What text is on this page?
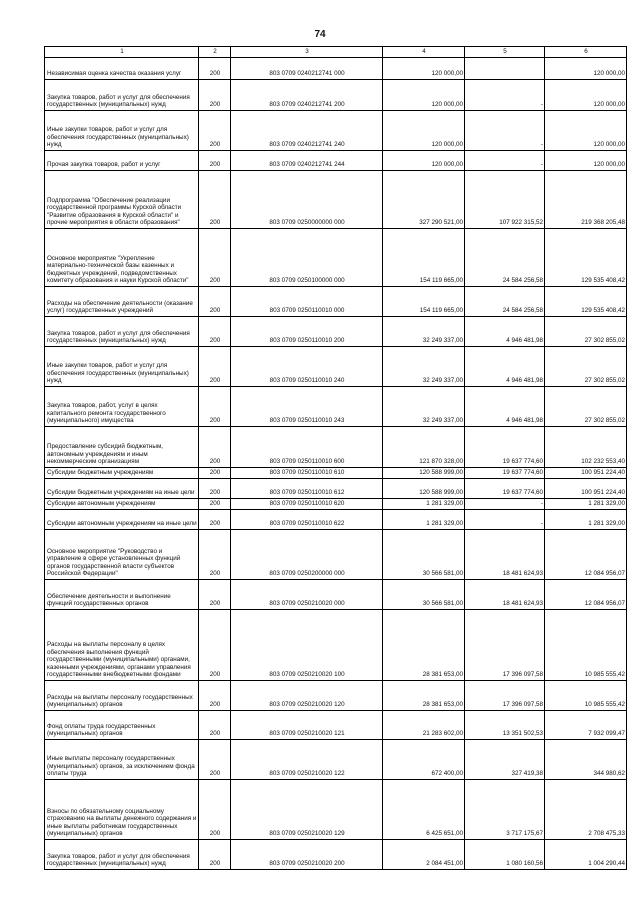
74
1	2	3	4	5	6
Независимая оценка качества оказания услуг	200	803 0709 0240212741 000	120 000,00		120 000,00
Закупка товаров, работ и услуг для обеспечения государственных (муниципальных) нужд	200	803 0709 0240212741 200	120 000,00	-	120 000,00
Иные закупки товаров, работ и услуг для обеспечения государственных (муниципальных) нужд	200	803 0709 0240212741 240	120 000,00	-	120 000,00
Прочая закупка товаров, работ и услуг	200	803 0709 0240212741 244	120 000,00	-	120 000,00
Подпрограмма "Обеспечение реализации государственной программы Курской области "Развитие образования в Курской области" и прочие мероприятия в области образования"	200	803 0709 0250000000 000	327 290 521,00	107 922 315,52	219 368 205,48
Основное мероприятие "Укрепление материально-технической базы казенных и бюджетных учреждений, подведомственных комитету образования и науки Курской области"	200	803 0709 0250100000 000	154 119 665,00	24 584 256,58	129 535 408,42
Расходы на обеспечение деятельности (оказание услуг) государственных учреждений	200	803 0709 0250110010 000	154 119 665,00	24 584 256,58	129 535 408,42
Закупка товаров, работ и услуг для обеспечения государственных (муниципальных) нужд	200	803 0709 0250110010 200	32 249 337,00	4 946 481,98	27 302 855,02
Иные закупки товаров, работ и услуг для обеспечения государственных (муниципальных) нужд	200	803 0709 0250110010 240	32 249 337,00	4 946 481,98	27 302 855,02
Закупка товаров, работ, услуг в целях капитального ремонта государственного (муниципального) имущества	200	803 0709 0250110010 243	32 249 337,00	4 946 481,98	27 302 855,02
Предоставление субсидий бюджетным, автономным учреждениям и иным некоммерческим организациям	200	803 0709 0250110010 600	121 870 328,00	19 637 774,60	102 232 553,40
Субсидии бюджетным учреждениям	200	803 0709 0250110010 610	120 588 999,00	19 637 774,60	100 951 224,40
Субсидии бюджетным учреждениям на иные цели	200	803 0709 0250110010 612	120 588 999,00	19 637 774,60	100 951 224,40
Субсидии автономным учреждениям	200	803 0709 0250110010 620	1 281 329,00	-	1 281 329,00
Субсидии автономным учреждениям на иные цели	200	803 0709 0250110010 622	1 281 329,00	-	1 281 329,00
Основное мероприятие "Руководство и управление в сфере установленных функций органов государственной власти субъектов Российской Федерации"	200	803 0709 0250200000 000	30 566 581,00	18 481 624,93	12 084 956,07
Обеспечение деятельности и выполнение функций государственных органов	200	803 0709 0250210020 000	30 566 581,00	18 481 624,93	12 084 956,07
Расходы на выплаты персоналу в целях обеспечения выполнения функций государственными (муниципальными) органами, казенными учреждениями, органами управления государственными внебюджетными фондами	200	803 0709 0250210020 100	28 381 653,00	17 396 097,58	10 985 555,42
Расходы на выплаты персоналу государственных (муниципальных) органов	200	803 0709 0250210020 120	28 381 653,00	17 396 097,58	10 985 555,42
Фонд оплаты труда государственных (муниципальных) органов	200	803 0709 0250210020 121	21 283 602,00	13 351 502,53	7 932 099,47
Иные выплаты персоналу государственных (муниципальных) органов, за исключением фонда оплаты труда	200	803 0709 0250210020 122	672 400,00	327 419,38	344 980,62
Взносы по обязательному социальному страхованию на выплаты денежного содержания и иные выплаты работникам государственных (муниципальных) органов	200	803 0709 0250210020 129	6 425 651,00	3 717 175,67	2 708 475,33
Закупка товаров, работ и услуг для обеспечения государственных (муниципальных) нужд	200	803 0709 0250210020 200	2 084 451,00	1 080 160,56	1 004 290,44
